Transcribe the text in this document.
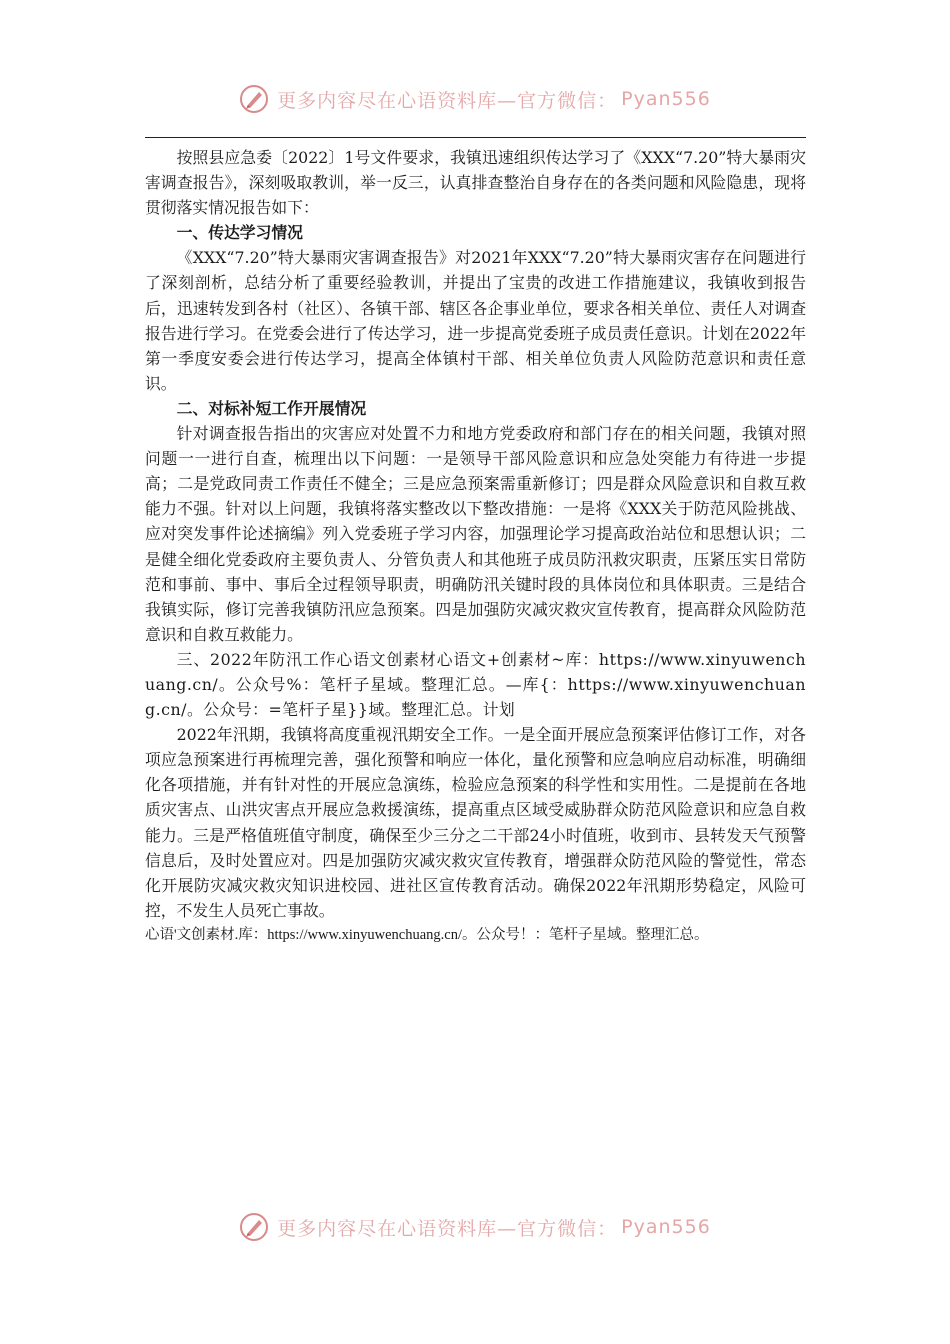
更多内容尽在心语资料库—官方微信： Pyan556

按照县应急委〔2022〕1号文件要求，我镇迅速组织传达学习了《XXX“7.20”特大暴雨灾害调查报告》，深刻吸取教训，举一反三，认真排查整治自身存在的各类问题和风险隐患，现将贯彻落实情况报告如下：

一、传达学习情况

《XXX“7.20”特大暴雨灾害调查报告》对2021年XXX“7.20”特大暴雨灾害存在问题进行了深刻剖析，总结分析了重要经验教训，并提出了宝贵的改进工作措施建议，我镇收到报告后，迅速转发到各村（社区）、各镇干部、辖区各企事业单位，要求各相关单位、责任人对调查报告进行学习。在党委会进行了传达学习，进一步提高党委班子成员责任意识。计划在2022年第一季度安委会进行传达学习，提高全体镇村干部、相关单位负责人风险防范意识和责任意识。

二、对标补短工作开展情况

针对调查报告指出的灾害应对处置不力和地方党委政府和部门存在的相关问题，我镇对照问题一一进行自查，梳理出以下问题：一是领导干部风险意识和应急处突能力有待进一步提高；二是党政同责工作责任不健全；三是应急预案需重新修订；四是群众风险意识和自救互救能力不强。针对以上问题，我镇将落实整改以下整改措施：一是将《XXX关于防范风险挑战、应对突发事件论述摘编》列入党委班子学习内容，加强理论学习提高政治站位和思想认识；二是健全细化党委政府主要负责人、分管负责人和其他班子成员防汛救灾职责，压紧压实日常防范和事前、事中、事后全过程领导职责，明确防汛关键时段的具体岗位和具体职责。三是结合我镇实际，修订完善我镇防汛应急预案。四是加强防灾减灾救灾宣传教育，提高群众风险防范意识和自救互救能力。

三、2022年防汛工作心语文创素材心语文+创素材~库：https://www.xinyuwenchuang.cn/。公众号%：笔杆子星域。整理汇总。—库{：https://www.xinyuwenchuang.cn/。公众号：=笔杆子星}}域。整理汇总。计划

2022年汛期，我镇将高度重视汛期安全工作。一是全面开展应急预案评估修订工作，对各项应急预案进行再梳理完善，强化预警和响应一体化，量化预警和应急响应启动标准，明确细化各项措施，并有针对性的开展应急演练，检验应急预案的科学性和实用性。二是提前在各地质灾害点、山洪灾害点开展应急救援演练，提高重点区域受威胁群众防范风险意识和应急自救能力。三是严格值班值守制度，确保至少三分之二干部24小时值班，收到市、县转发天气预警信息后，及时处置应对。四是加强防灾减灾救灾宣传教育，增强群众防范风险的警觉性，常态化开展防灾减灾救灾知识进校园、进社区宣传教育活动。确保2022年汛期形势稳定，风险可控，不发生人员死亡事故。

心语'文创素材.库：https://www.xinyuwenchuang.cn/。公众号！：笔杆子星域。整理汇总。

更多内容尽在心语资料库—官方微信： Pyan556
